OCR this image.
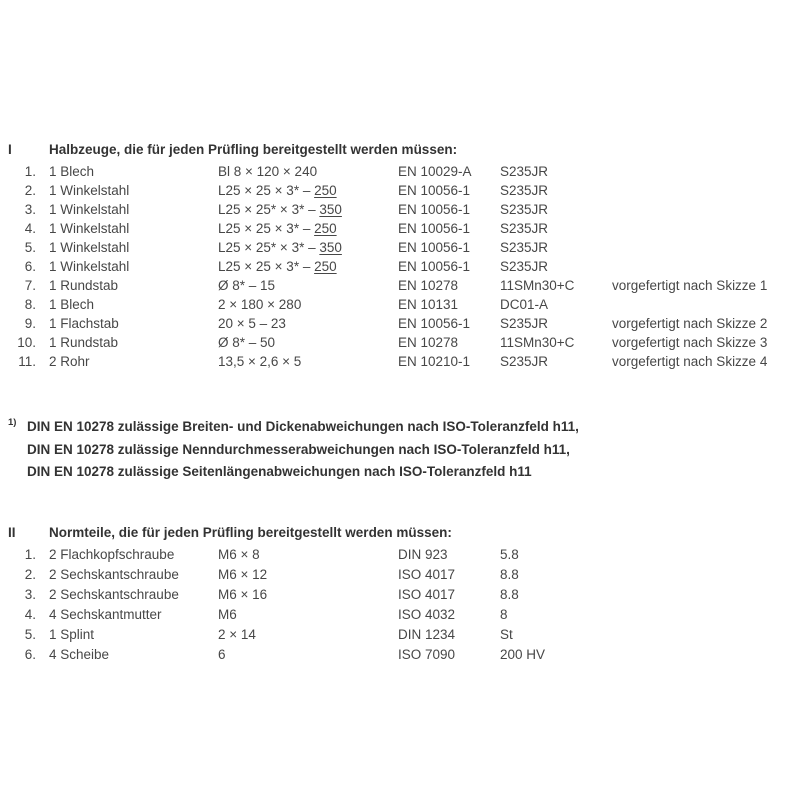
I	Halbzeuge, die für jeden Prüfling bereitgestellt werden müssen:
1. 1 Blech	Bl 8 × 120 × 240	EN 10029-A S235JR
2. 1 Winkelstahl	L25 × 25 × 3* – 250	EN 10056-1 S235JR
3. 1 Winkelstahl	L25 × 25* × 3* – 350	EN 10056-1 S235JR
4. 1 Winkelstahl	L25 × 25 × 3* – 250	EN 10056-1 S235JR
5. 1 Winkelstahl	L25 × 25* × 3* – 350	EN 10056-1 S235JR
6. 1 Winkelstahl	L25 × 25 × 3* – 250	EN 10056-1 S235JR
7. 1 Rundstab	Ø 8* – 15	EN 10278	11SMn30+C	vorgefertigt nach Skizze 1
8. 1 Blech	2 × 180 × 280	EN 10131	DC01-A
9. 1 Flachstab	20 × 5 – 23	EN 10056-1 S235JR	vorgefertigt nach Skizze 2
10. 1 Rundstab	Ø 8* – 50	EN 10278	11SMn30+C	vorgefertigt nach Skizze 3
11. 2 Rohr	13,5 × 2,6 × 5	EN 10210-1 S235JR	vorgefertigt nach Skizze 4
1) DIN EN 10278 zulässige Breiten- und Dickenabweichungen nach ISO-Toleranzfeld h11,
DIN EN 10278 zulässige Nenndurchmesserabweichungen nach ISO-Toleranzfeld h11,
DIN EN 10278 zulässige Seitenlängenabweichungen nach ISO-Toleranzfeld h11
II Normteile, die für jeden Prüfling bereitgestellt werden müssen:
1. 2 Flachkopfschraube	M6 × 8	DIN 923	5.8
2. 2 Sechskantschraube	M6 × 12	ISO 4017	8.8
3. 2 Sechskantschraube	M6 × 16	ISO 4017	8.8
4. 4 Sechskantmutter	M6	ISO 4032	8
5. 1 Splint	2 × 14	DIN 1234	St
6. 4 Scheibe	6	ISO 7090	200 HV
